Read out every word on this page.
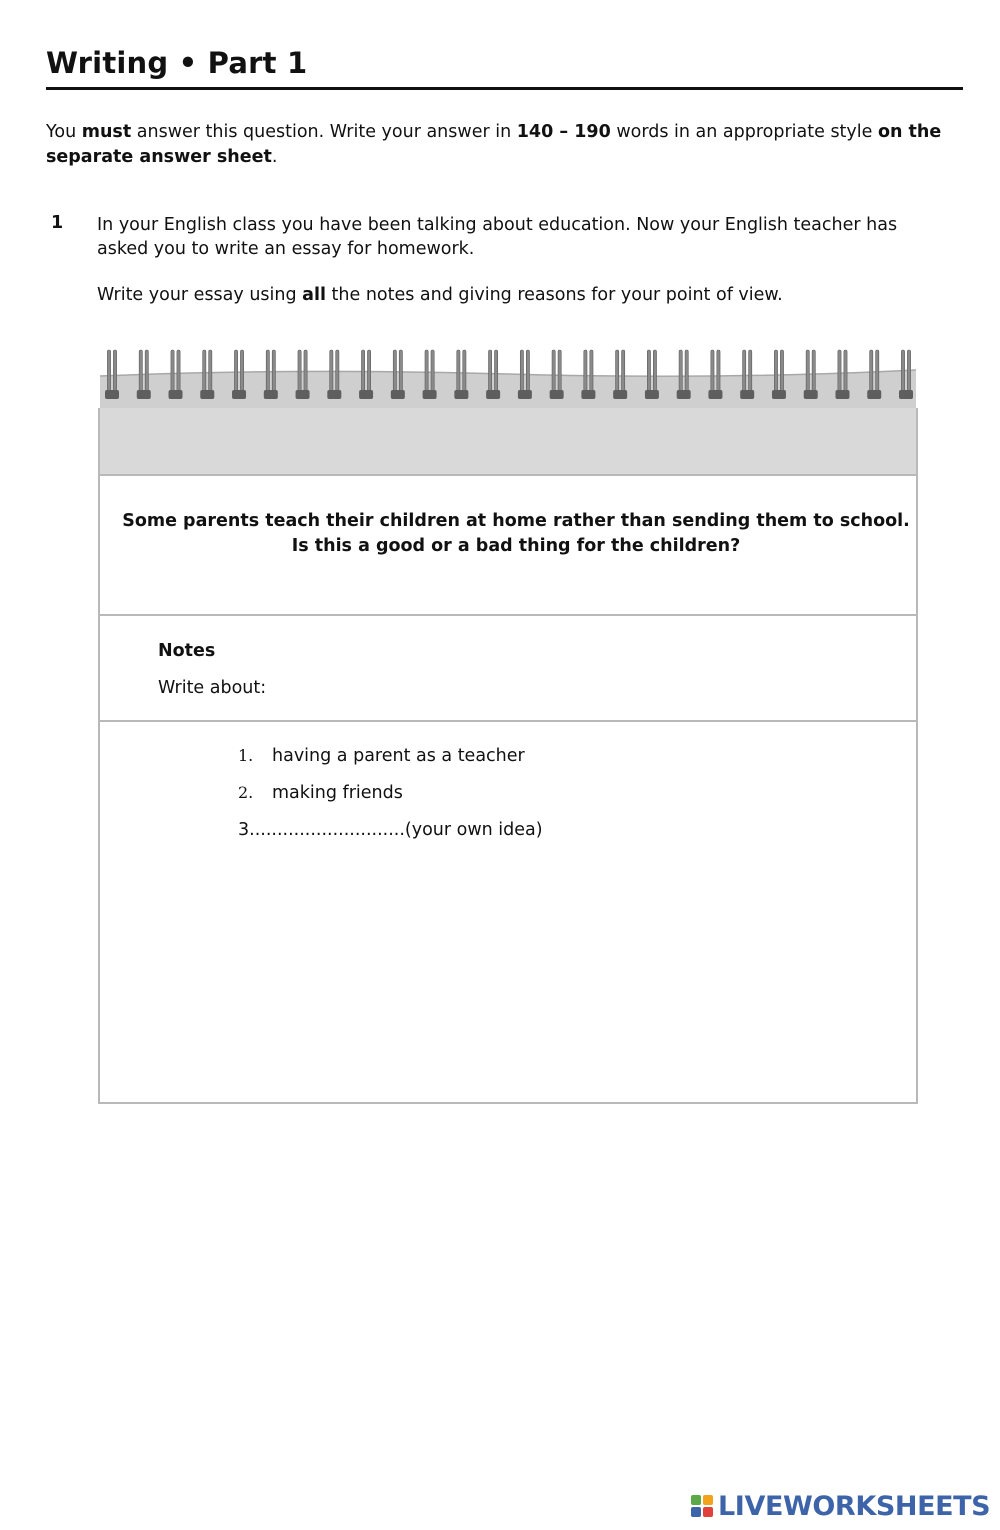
Writing • Part 1
You must answer this question. Write your answer in 140 – 190 words in an appropriate style on the separate answer sheet.
1 In your English class you have been talking about education. Now your English teacher has asked you to write an essay for homework.
Write your essay using all the notes and giving reasons for your point of view.
Some parents teach their children at home rather than sending them to school.
Is this a good or a bad thing for the children?
Notes
Write about:
1. having a parent as a teacher
2. making friends
3............................(your own idea)
LIVEWORKSHEETS
